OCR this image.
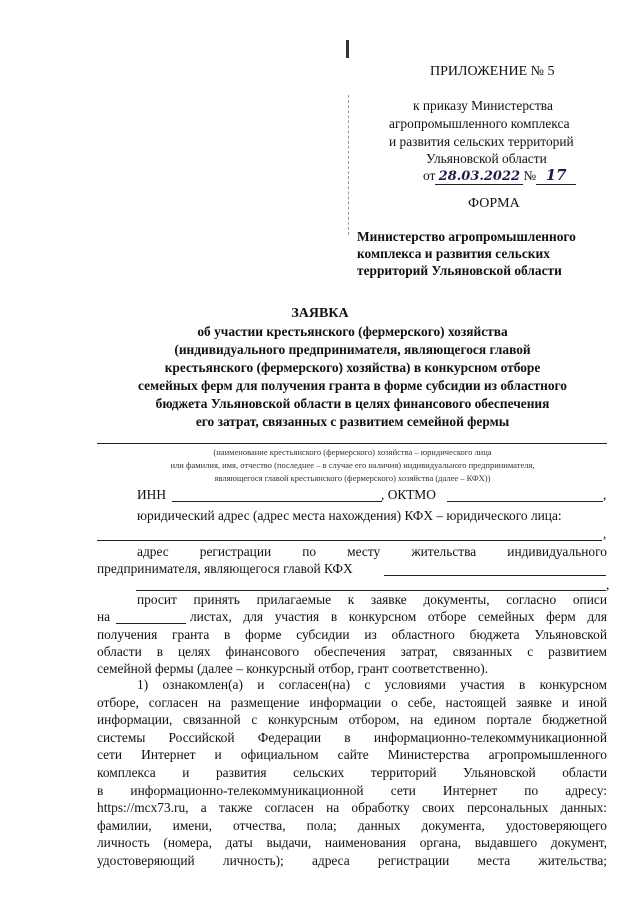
ПРИЛОЖЕНИЕ № 5
к приказу Министерства
агропромышленного комплекса
и развития сельских территорий
Ульяновской области
от 28.03.2022 № 17
ФОРМА
Министерство агропромышленного
комплекса и развития сельских
территорий Ульяновской области
ЗАЯВКА
об участии крестьянского (фермерского) хозяйства
(индивидуального предпринимателя, являющегося главой
крестьянского (фермерского) хозяйства) в конкурсном отборе
семейных ферм для получения гранта в форме субсидии из областного
бюджета Ульяновской области в целях финансового обеспечения
его затрат, связанных с развитием семейной фермы
(наименование крестьянского (фермерского) хозяйства – юридического лица
или фамилия, имя, отчество (последнее – в случае его наличия) индивидуального предпринимателя,
являющегося главой крестьянского (фермерского) хозяйства (далее – КФХ))
ИНН	, ОКТМО	,
юридический адрес (адрес места нахождения) КФХ – юридического лица:
,
адрес регистрации по месту жительства индивидуального
предпринимателя, являющегося главой КФХ
,
просит принять прилагаемые к заявке документы, согласно описи
на	листах, для участия в конкурсном отборе семейных ферм для
получения гранта в форме субсидии из областного бюджета Ульяновской
области в целях финансового обеспечения затрат, связанных с развитием
семейной фермы (далее – конкурсный отбор, грант соответственно).
1) ознакомлен(а) и согласен(на) с условиями участия в конкурсном
отборе, согласен на размещение информации о себе, настоящей заявке и иной
информации, связанной с конкурсным отбором, на едином портале бюджетной
системы Российской Федерации в информационно-телекоммуникационной
сети Интернет и официальном сайте Министерства агропромышленного
комплекса и развития сельских территорий Ульяновской области
в информационно-телекоммуникационной сети Интернет по адресу:
https://mcx73.ru, а также согласен на обработку своих персональных данных:
фамилии, имени, отчества, пола; данных документа, удостоверяющего
личность (номера, даты выдачи, наименования органа, выдавшего документ,
удостоверяющий личность); адреса регистрации места жительства;
